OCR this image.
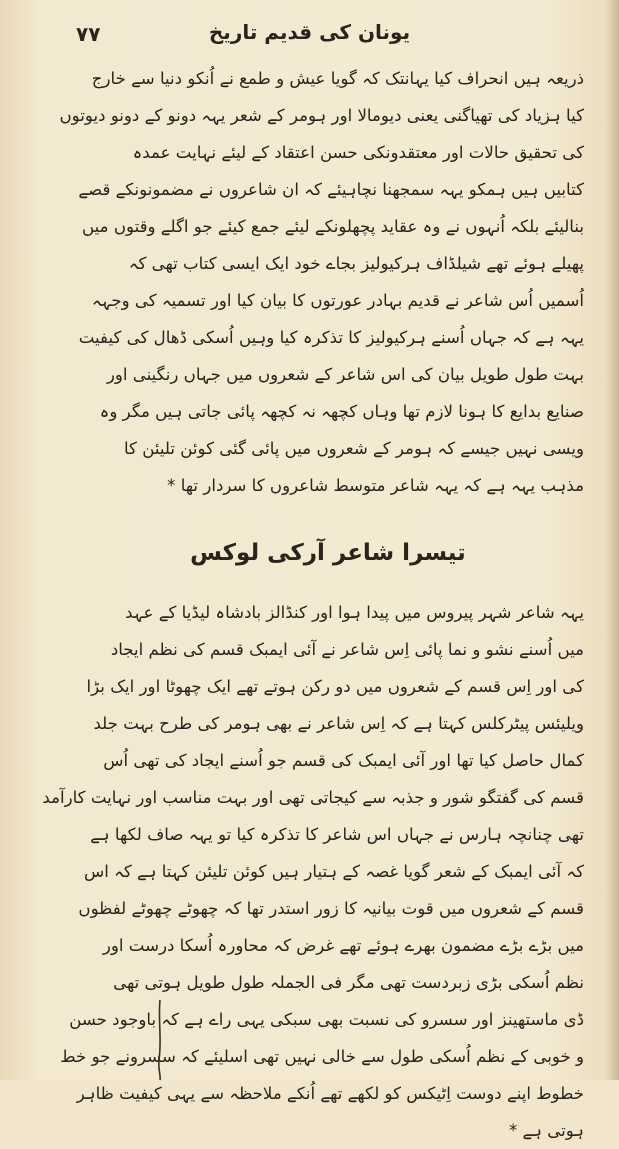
۷۷	یونان کی قدیم تاریخ
ذریعہ ہیں انحراف کیا یہانتک کہ گویا عیش و طمع نے اُنکو دنیا سے خارج
کیا ہزیاد کی تھیاگنی یعنی دیومالا اور ہومر کے شعر یہہ دونو کے دونو دیوتوں
کی تحقیق حالات اور معتقدونکی حسن اعتقاد کے لیئے نہایت عمدہ
کتابیں ہیں ہمکو یہہ سمجھنا نچاہیئے کہ ان شاعروں نے مضمونونکے قصے
بنالیئے بلکہ اُنہوں نے وہ عقاید پچھلونکے لیئے جمع کیئے جو اگلے وقتوں میں
پھیلے ہوئے تھے شیلڈاف ہرکیولیز بجاے خود ایک ایسی کتاب تھی کہ
اُسمیں اُس شاعر نے قدیم بہادر عورتوں کا بیان کیا اور تسمیہ کی وجہہ
یہہ ہے کہ جہاں اُسنے ہرکیولیز کا تذکرہ کیا وہیں اُسکی ڈھال کی کیفیت
بہت طول طویل بیان کی اس شاعر کے شعروں میں جہاں رنگینی اور
صنایع بدایع کا ہونا لازم تھا وہاں کچھہ نہ کچھہ پائی جاتی ہیں مگر وہ
ویسی نہیں جیسے کہ ہومر کے شعروں میں پائی گئی کوئن تلیئن کا
مذہب یہہ ہے کہ یہہ شاعر متوسط شاعروں کا سردار تھا *
تیسرا شاعر آرکی لوکس
یہہ شاعر شہر پیروس میں پیدا ہوا اور کنڈالز بادشاہ لیڈیا کے عہد
میں اُسنے نشو و نما پائی اِس شاعر نے آئی ایمبک قسم کی نظم ایجاد
کی اور اِس قسم کے شعروں میں دو رکن ہوتے تھے ایک چھوٹا اور ایک بڑا
ویلیئس پیٹرکلس کہتا ہے کہ اِس شاعر نے بھی ہومر کی طرح بہت جلد
کمال حاصل کیا تھا اور آئی ایمبک کی قسم جو اُسنے ایجاد کی تھی اُس
قسم کی گفتگو شور و جذبہ سے کیجاتی تھی اور بہت مناسب اور نہایت کارآمد
تھی چنانچہ ہارس نے جہاں اس شاعر کا تذکرہ کیا تو یہہ صاف لکھا ہے
کہ آئی ایمبک کے شعر گویا غصہ کے ہتیار ہیں کوئن تلیئن کہتا ہے کہ اس
قسم کے شعروں میں قوت بیانیہ کا زور استدر تھا کہ چھوٹے چھوٹے لفظوں
میں بڑے بڑے مضمون بھرے ہوئے تھے غرض کہ محاورہ اُسکا درست اور
نظم اُسکی بڑی زبردست تھی مگر فی الجملہ طول طویل ہوتی تھی
ڈی ماستھینز اور سسرو کی نسبت بھی سبکی یہی راے ہے کہ باوجود حسن
و خوبی کے نظم اُسکی طول سے خالی نہیں تھی اسلیئے کہ سسرونے جو خط
خطوط اپنے دوست اِٹیکس کو لکھے تھے اُنکے ملاحظہ سے یہی کیفیت ظاہر
ہوتی ہے *
